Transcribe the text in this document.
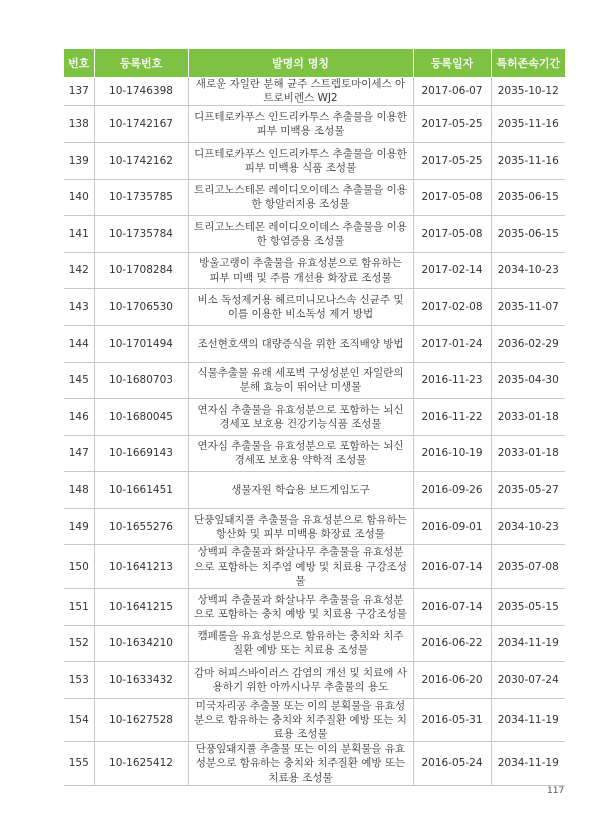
번호	등록번호	발명의 명칭	등록일자	특허존속기간
137	10-1746398	새로운 자일란 분해 균주 스트렙토마이세스 아트로비렌스 WJ2	2017-06-07	2035-10-12
138	10-1742167	디프테로카푸스 인드리카투스 추출물을 이용한 피부 미백용 조성물	2017-05-25	2035-11-16
139	10-1742162	디프테로카푸스 인드리카투스 추출물을 이용한 피부 미백용 식품 조성물	2017-05-25	2035-11-16
140	10-1735785	트리고노스테몬 레이디오이데스 추출물을 이용한 항알러지용 조성물	2017-05-08	2035-06-15
141	10-1735784	트리고노스테몬 레이디오이데스 추출물을 이용한 항염증용 조성물	2017-05-08	2035-06-15
142	10-1708284	방울고랭이 추출물을 유효성분으로 함유하는 피부 미백 및 주름 개선용 화장료 조성물	2017-02-14	2034-10-23
143	10-1706530	비소 독성제거용 헤르미니모나스속 신균주 및 이를 이용한 비소독성 제거 방법	2017-02-08	2035-11-07
144	10-1701494	조선현호색의 대량증식을 위한 조직배양 방법	2017-01-24	2036-02-29
145	10-1680703	식물추출물 유래 세포벽 구성성분인 자일란의 분해 효능이 뛰어난 미생물	2016-11-23	2035-04-30
146	10-1680045	연자심 추출물을 유효성분으로 포함하는 뇌신경세포 보호용 건강기능식품 조성물	2016-11-22	2033-01-18
147	10-1669143	연자심 추출물을 유효성분으로 포함하는 뇌신경세포 보호용 약학적 조성물	2016-10-19	2033-01-18
148	10-1661451	생물자원 학습용 보드게임도구	2016-09-26	2035-05-27
149	10-1655276	단풍잎돼지풀 추출물을 유효성분으로 함유하는 항산화 및 피부 미백용 화장료 조성물	2016-09-01	2034-10-23
150	10-1641213	상백피 추출물과 화살나무 추출물을 유효성분으로 포함하는 치주염 예방 및 치료용 구강조성물	2016-07-14	2035-07-08
151	10-1641215	상백피 추출물과 화살나무 추출물을 유효성분으로 포함하는 충치 예방 및 치료용 구강조성물	2016-07-14	2035-05-15
152	10-1634210	캠페롤을 유효성분으로 함유하는 충치와 치주질환 예방 또는 치료용 조성물	2016-06-22	2034-11-19
153	10-1633432	감마 허피스바이러스 감염의 개선 및 치료에 사용하기 위한 아까시나무 추출물의 용도	2016-06-20	2030-07-24
154	10-1627528	미국자리공 추출물 또는 이의 분획물을 유효성분으로 함유하는 충치와 치주질환 예방 또는 치료용 조성물	2016-05-31	2034-11-19
155	10-1625412	단풍잎돼지풀 추출물 또는 이의 분획물을 유효성분으로 함유하는 충치와 치주질환 예방 또는 치료용 조성물	2016-05-24	2034-11-19
117
